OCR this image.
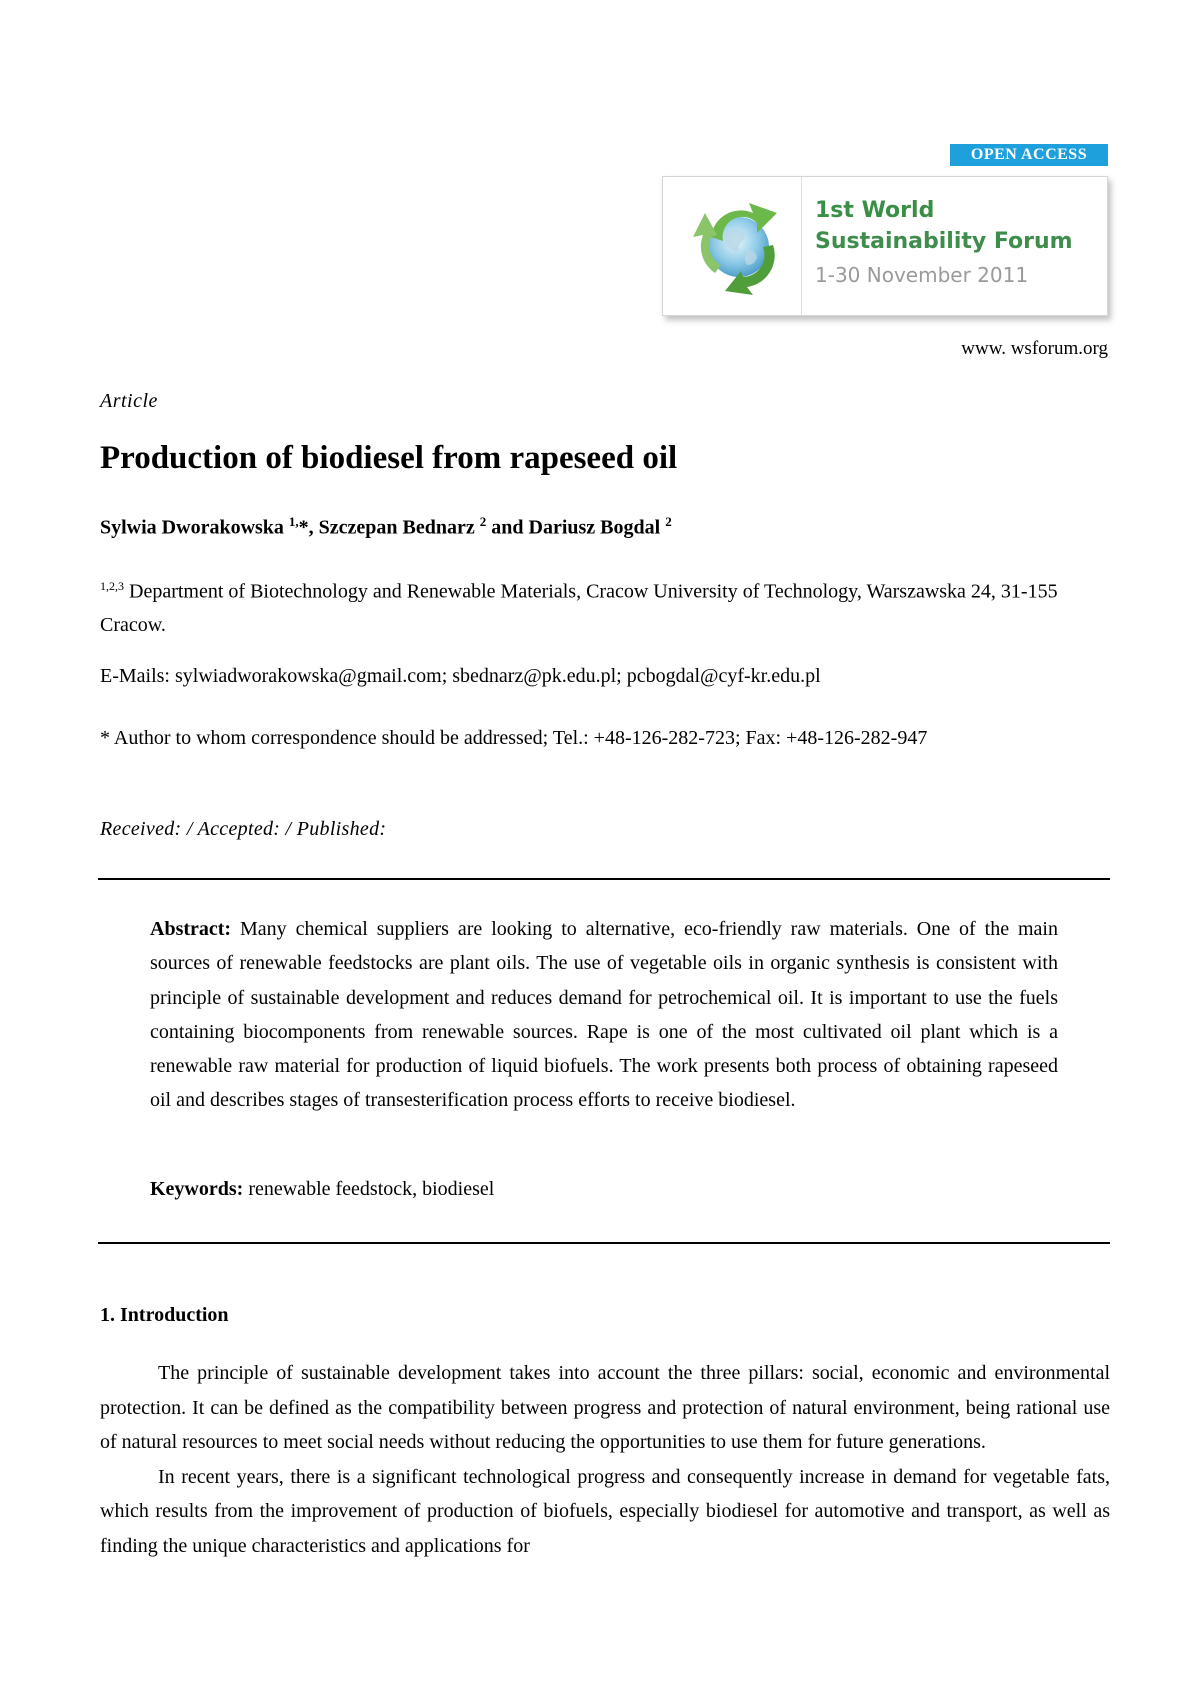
OPEN ACCESS
1st World
Sustainability Forum
1-30 November 2011
www. wsforum.org
Article
Production of biodiesel from rapeseed oil
Sylwia Dworakowska $^{1,}$*, Szczepan Bednarz $^2$ and Dariusz Bogdal $^2$
$^{1,2,3}$ Department of Biotechnology and Renewable Materials, Cracow University of Technology, Warszawska 24, 31-155 Cracow.
E-Mails: sylwiadworakowska@gmail.com; sbednarz@pk.edu.pl; pcbogdal@cyf-kr.edu.pl
* Author to whom correspondence should be addressed; Tel.: +48-126-282-723; Fax: +48-126-282-947
Received: / Accepted: / Published:
Abstract: Many chemical suppliers are looking to alternative, eco-friendly raw materials. One of the main sources of renewable feedstocks are plant oils. The use of vegetable oils in organic synthesis is consistent with principle of sustainable development and reduces demand for petrochemical oil. It is important to use the fuels containing biocomponents from renewable sources. Rape is one of the most cultivated oil plant which is a renewable raw material for production of liquid biofuels. The work presents both process of obtaining rapeseed oil and describes stages of transesterification process efforts to receive biodiesel.
Keywords: renewable feedstock, biodiesel
1. Introduction

The principle of sustainable development takes into account the three pillars: social, economic and environmental protection. It can be defined as the compatibility between progress and protection of natural environment, being rational use of natural resources to meet social needs without reducing the opportunities to use them for future generations.

In recent years, there is a significant technological progress and consequently increase in demand for vegetable fats, which results from the improvement of production of biofuels, especially biodiesel for automotive and transport, as well as finding the unique characteristics and applications for
